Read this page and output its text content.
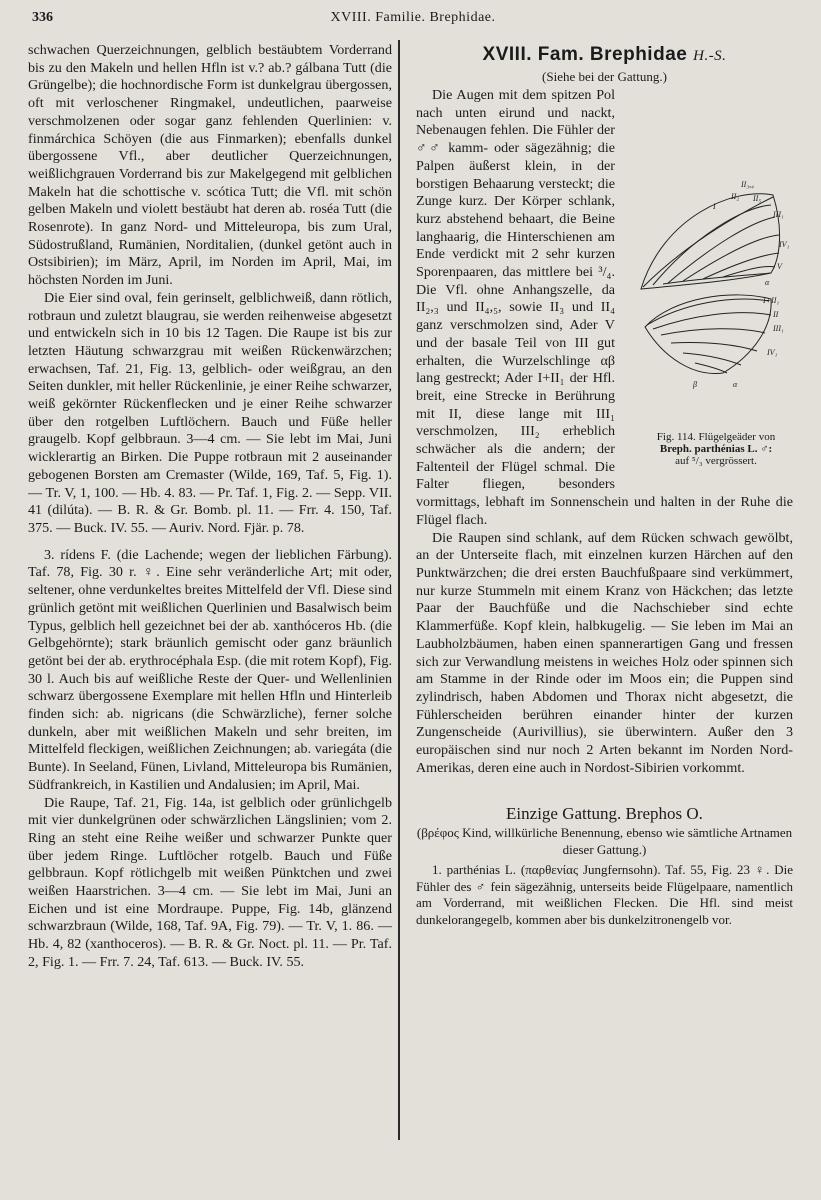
336	XVIII. Familie. Brephidae.

schwachen Querzeichnungen, gelblich bestäubtem Vorderrand bis zu den Makeln und hellen Hfln ist v.? ab.? gálbana Tutt (die Grüngelbe); die hochnordische Form ist dunkelgrau übergossen, oft mit verloschener Ringmakel, undeutlichen, paarweise verschmolzenen oder sogar ganz fehlenden Querlinien: v. finmárchica Schöyen (die aus Finmarken); ebenfalls dunkel übergossene Vfl., aber deutlicher Querzeichnungen, weißlichgrauen Vorderrand bis zur Makelgegend mit gelblichen Makeln hat die schottische v. scótica Tutt; die Vfl. mit schön gelben Makeln und violett bestäubt hat deren ab. roséa Tutt (die Rosenrote). In ganz Nord- und Mitteleuropa, bis zum Ural, Südostrußland, Rumänien, Norditalien, (dunkel getönt auch in Ostsibirien); im März, April, im Norden im April, Mai, im höchsten Norden im Juni.

Die Eier sind oval, fein gerinselt, gelblichweiß, dann rötlich, rotbraun und zuletzt blaugrau, sie werden reihenweise abgesetzt und entwickeln sich in 10 bis 12 Tagen. Die Raupe ist bis zur letzten Häutung schwarzgrau mit weißen Rückenwärzchen; erwachsen, Taf. 21, Fig. 13, gelblich- oder weißgrau, an den Seiten dunkler, mit heller Rückenlinie, je einer Reihe schwarzer, weiß gekörnter Rückenflecken und je einer Reihe schwarzer über den rotgelben Luftlöchern. Bauch und Füße heller graugelb. Kopf gelbbraun. 3—4 cm. — Sie lebt im Mai, Juni wicklerartig an Birken. Die Puppe rotbraun mit 2 auseinander gebogenen Borsten am Cremaster (Wilde, 169, Taf. 5, Fig. 1). — Tr. V, 1, 100. — Hb. 4. 83. — Pr. Taf. 1, Fig. 2. — Sepp. VII. 41 (dilúta). — B. R. & Gr. Bomb. pl. 11. — Frr. 4. 150, Taf. 375. — Buck. IV. 55. — Auriv. Nord. Fjär. p. 78.

3. rídens F. (die Lachende; wegen der lieblichen Färbung). Taf. 78, Fig. 30 r. ♀. Eine sehr veränderliche Art; mit oder, seltener, ohne verdunkeltes breites Mittelfeld der Vfl. Diese sind grünlich getönt mit weißlichen Querlinien und Basalwisch beim Typus, gelblich hell gezeichnet bei der ab. xanthóceros Hb. (die Gelbgehörnte); stark bräunlich gemischt oder ganz bräunlich getönt bei der ab. erythrocéphala Esp. (die mit rotem Kopf), Fig. 30 l. Auch bis auf weißliche Reste der Quer- und Wellenlinien schwarz übergossene Exemplare mit hellen Hfln und Hinterleib finden sich: ab. nigricans (die Schwärzliche), ferner solche dunkeln, aber mit weißlichen Makeln und sehr breiten, im Mittelfeld fleckigen, weißlichen Zeichnungen; ab. variegáta (die Bunte). In Seeland, Fünen, Livland, Mitteleuropa bis Rumänien, Südfrankreich, in Kastilien und Andalusien; im April, Mai.

Die Raupe, Taf. 21, Fig. 14a, ist gelblich oder grünlichgelb mit vier dunkelgrünen oder schwärzlichen Längslinien; vom 2. Ring an steht eine Reihe weißer und schwarzer Punkte quer über jedem Ringe. Luftlöcher rotgelb. Bauch und Füße gelbbraun. Kopf rötlichgelb mit weißen Pünktchen und zwei weißen Haarstrichen. 3—4 cm. — Sie lebt im Mai, Juni an Eichen und ist eine Mordraupe. Puppe, Fig. 14b, glänzend schwarzbraun (Wilde, 168, Taf. 9A, Fig. 79). — Tr. V, 1. 86. — Hb. 4, 82 (xanthoceros). — B. R. & Gr. Noct. pl. 11. — Pr. Taf. 2, Fig. 1. — Frr. 7. 24, Taf. 613. — Buck. IV. 55.

XVIII. Fam. Brephidae H.-S.
(Siehe bei der Gattung.)

II₃,₄
II₅
II₂
I
III₁
IV₁
V
α
I+II₁
II
III₁
IV₁
β	α
Fig. 114. Flügelgeäder von
Breph. parthénias L. ♂:
auf ⁵/₃ vergrössert.
Die Augen mit dem spitzen Pol nach unten eirund und nackt, Nebenaugen fehlen. Die Fühler der ♂♂ kamm- oder sägezähnig; die Palpen äußerst klein, in der borstigen Behaarung versteckt; die Zunge kurz. Der Körper schlank, kurz abstehend behaart, die Beine langhaarig, die Hinterschienen am Ende verdickt mit 2 sehr kurzen Sporenpaaren, das mittlere bei ³/₄. Die Vfl. ohne Anhangszelle, da II₂,₃ und II₄,₅, sowie II₃ und II₄ ganz verschmolzen sind, Ader V und der basale Teil von III gut erhalten, die Wurzelschlinge αβ lang gestreckt; Ader I+II₁ der Hfl. breit, eine Strecke in Berührung mit II, diese lange mit III₁ verschmolzen, III₂ erheblich schwächer als die andern; der Faltenteil der Flügel schmal. Die Falter fliegen, besonders vormittags, lebhaft im Sonnenschein und halten in der Ruhe die Flügel flach.

Die Raupen sind schlank, auf dem Rücken schwach gewölbt, an der Unterseite flach, mit einzelnen kurzen Härchen auf den Punktwärzchen; die drei ersten Bauchfußpaare sind verkümmert, nur kurze Stummeln mit einem Kranz von Häckchen; das letzte Paar der Bauchfüße und die Nachschieber sind echte Klammerfüße. Kopf klein, halbkugelig. — Sie leben im Mai an Laubholzbäumen, haben einen spannerartigen Gang und fressen sich zur Verwandlung meistens in weiches Holz oder spinnen sich am Stamme in der Rinde oder im Moos ein; die Puppen sind zylindrisch, haben Abdomen und Thorax nicht abgesetzt, die Fühlerscheiden berühren einander hinter der kurzen Zungenscheide (Aurivillius), sie überwintern. Außer den 3 europäischen sind nur noch 2 Arten bekannt im Norden Nord-Amerikas, deren eine auch in Nordost-Sibirien vorkommt.

Einzige Gattung. Brephos O.
(βρέφος Kind, willkürliche Benennung, ebenso wie sämtliche Artnamen dieser Gattung.)

1. parthénias L. (παρθενίας Jungfernsohn). Taf. 55, Fig. 23 ♀. Die Fühler des ♂ fein sägezähnig, unterseits beide Flügelpaare, namentlich am Vorderrand, mit weißlichen Flecken. Die Hfl. sind meist dunkelorangegelb, kommen aber bis dunkelzitronengelb vor.
